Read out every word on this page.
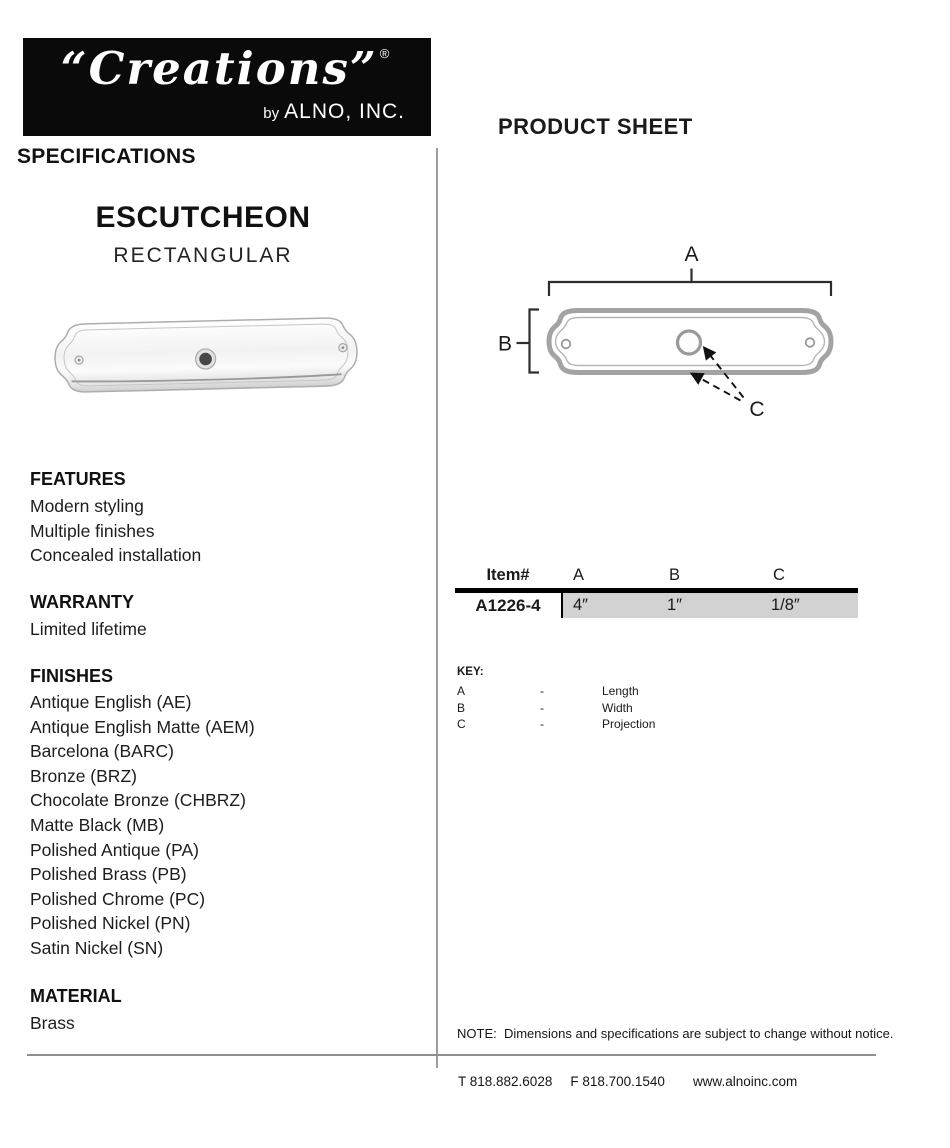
“Creations” ®
by ALNO, INC.
SPECIFICATIONS
PRODUCT SHEET
ESCUTCHEON
RECTANGULAR
FEATURES
Modern styling
Multiple finishes
Concealed installation
WARRANTY
Limited lifetime
FINISHES
Antique English (AE)
Antique English Matte (AEM)
Barcelona (BARC)
Bronze (BRZ)
Chocolate Bronze (CHBRZ)
Matte Black (MB)
Polished Antique (PA)
Polished Brass (PB)
Polished Chrome (PC)
Polished Nickel (PN)
Satin Nickel (SN)
MATERIAL
Brass
A
B
C
Item#	A	B	C
A1226-4	4″	1″	1/8″
KEY:
A	-	Length
B	-	Width
C	-	Projection
NOTE:  Dimensions and specifications are subject to change without notice.
T 818.882.6028 F 818.700.1540 www.alnoinc.com
